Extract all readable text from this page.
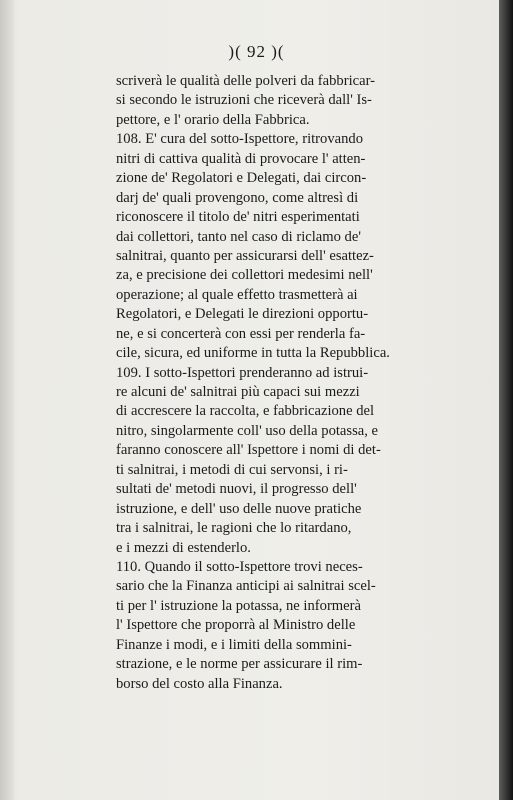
)( 92 )(
scriverà le qualità delle polveri da fabbricar-
si secondo le istruzioni che riceverà dall' Is-
pettore, e l' orario della Fabbrica.
108. E' cura del sotto-Ispettore, ritrovando
nitri di cattiva qualità di provocare l' atten-
zione de' Regolatori e Delegati, dai circon-
darj de' quali provengono, come altresì di
riconoscere il titolo de' nitri esperimentati
dai collettori, tanto nel caso di riclamo de'
salnitrai, quanto per assicurarsi dell' esattez-
za, e precisione dei collettori medesimi nell'
operazione; al quale effetto trasmetterà ai
Regolatori, e Delegati le direzioni opportu-
ne, e si concerterà con essi per renderla fa-
cile, sicura, ed uniforme in tutta la Repubblica.
109. I sotto-Ispettori prenderanno ad istrui-
re alcuni de' salnitrai più capaci sui mezzi
di accrescere la raccolta, e fabbricazione del
nitro, singolarmente coll' uso della potassa, e
faranno conoscere all' Ispettore i nomi di det-
ti salnitrai, i metodi di cui servonsi, i ri-
sultati de' metodi nuovi, il progresso dell'
istruzione, e dell' uso delle nuove pratiche
tra i salnitrai, le ragioni che lo ritardano,
e i mezzi di estenderlo.
110. Quando il sotto-Ispettore trovi neces-
sario che la Finanza anticipi ai salnitrai scel-
ti per l' istruzione la potassa, ne informerà
l' Ispettore che proporrà al Ministro delle
Finanze i modi, e i limiti della sommini-
strazione, e le norme per assicurare il rim-
borso del costo alla Finanza.
